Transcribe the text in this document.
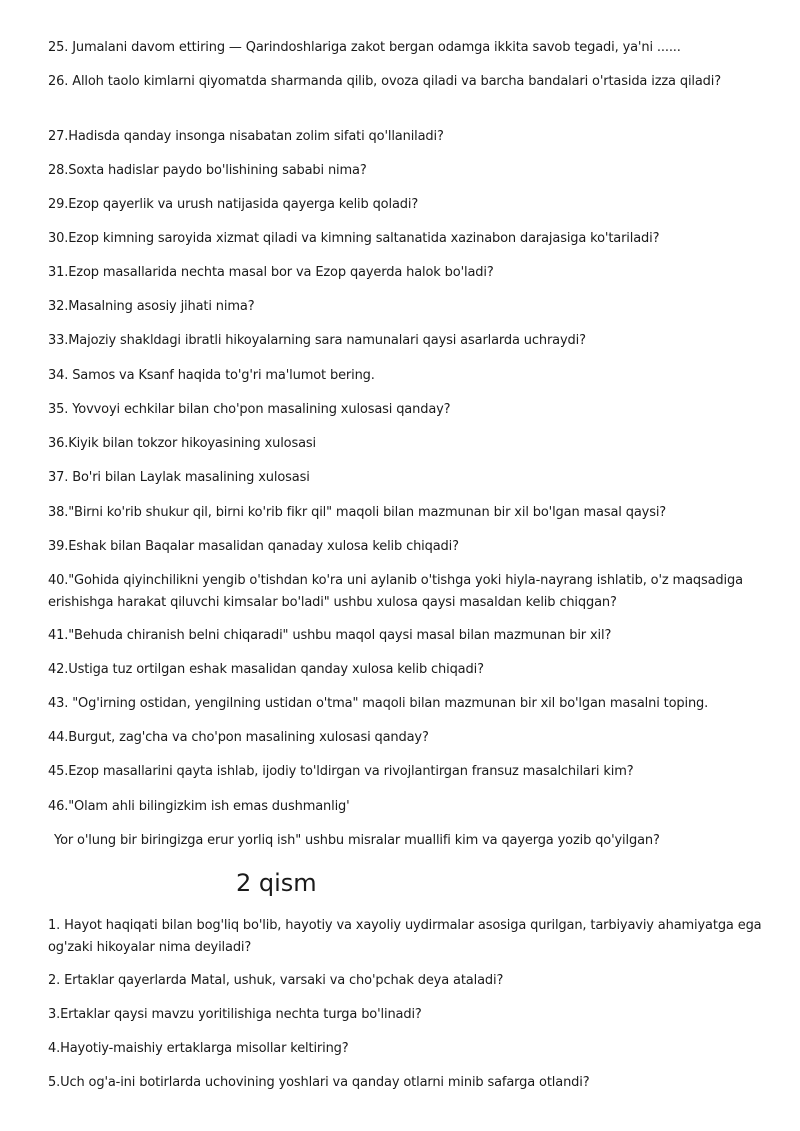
25. Jumalani davom ettiring — Qarindoshlariga zakot bergan odamga ikkita savob tegadi, ya'ni ......

26. Alloh taolo kimlarni qiyomatda sharmanda qilib, ovoza qiladi va barcha bandalari o'rtasida izza qiladi?

27.Hadisda qanday insonga nisabatan zolim sifati qo'llaniladi?

28.Soxta hadislar paydo bo'lishining sababi nima?

29.Ezop qayerlik va urush natijasida qayerga kelib qoladi?

30.Ezop kimning saroyida xizmat qiladi va kimning saltanatida xazinabon darajasiga ko'tariladi?

31.Ezop masallarida nechta masal bor va Ezop qayerda halok bo'ladi?

32.Masalning asosiy jihati nima?

33.Majoziy shakldagi ibratli hikoyalarning sara namunalari qaysi asarlarda uchraydi?

34. Samos va Ksanf haqida to'g'ri ma'lumot bering.

35. Yovvoyi echkilar bilan cho'pon masalining xulosasi qanday?

36.Kiyik bilan tokzor hikoyasining xulosasi

37. Bo'ri bilan Laylak masalining xulosasi

38."Birni ko'rib shukur qil, birni ko'rib fikr qil" maqoli bilan mazmunan bir xil bo'lgan masal qaysi?

39.Eshak bilan Baqalar masalidan qanaday xulosa kelib chiqadi?

40."Gohida qiyinchilikni yengib o'tishdan ko'ra uni aylanib o'tishga yoki hiyla-nayrang ishlatib, o'z maqsadiga erishishga harakat qiluvchi kimsalar bo'ladi" ushbu xulosa qaysi masaldan kelib chiqgan?

41."Behuda chiranish belni chiqaradi" ushbu maqol qaysi masal bilan mazmunan bir xil?

42.Ustiga tuz ortilgan eshak masalidan qanday xulosa kelib chiqadi?

43. "Og'irning ostidan, yengilning ustidan o'tma" maqoli bilan mazmunan bir xil bo'lgan masalni toping.

44.Burgut, zag'cha va cho'pon masalining xulosasi qanday?

45.Ezop masallarini qayta ishlab, ijodiy to'ldirgan va rivojlantirgan fransuz masalchilari kim?

46."Olam ahli bilingizkim ish emas dushmanlig'

Yor o'lung bir biringizga erur yorliq ish" ushbu misralar muallifi kim va qayerga yozib qo'yilgan?

2 qism

1. Hayot haqiqati bilan bog'liq bo'lib, hayotiy va xayoliy uydirmalar asosiga qurilgan, tarbiyaviy ahamiyatga ega og'zaki hikoyalar nima deyiladi?

2. Ertaklar qayerlarda Matal, ushuk, varsaki va cho'pchak deya ataladi?

3.Ertaklar qaysi mavzu yoritilishiga nechta turga bo'linadi?

4.Hayotiy-maishiy ertaklarga misollar keltiring?

5.Uch og'a-ini botirlarda uchovining yoshlari va qanday otlarni minib safarga otlandi?
